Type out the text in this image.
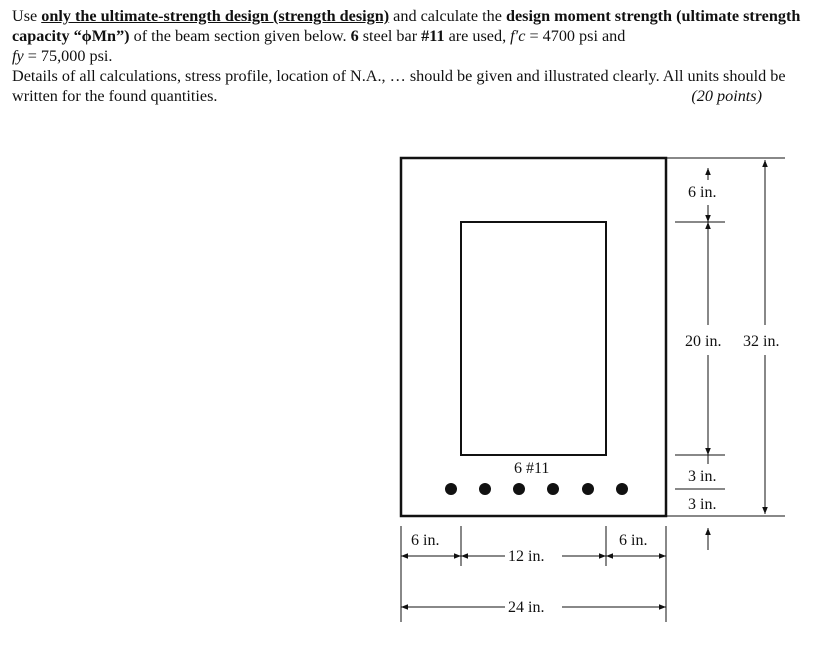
Use only the ultimate-strength design (strength design) and calculate the design moment strength (ultimate strength capacity “ϕMn”) of the beam section given below. 6 steel bar #11 are used, f′c = 4700 psi and
fy = 75,000 psi.

Details of all calculations, stress profile, location of N.A., … should be given and illustrated clearly. All units should be written for the found quantities.	(20 points)

6 #11
6 in.
20 in. 32 in.
3 in.
3 in.
6 in.
12 in.
6 in.
24 in.
